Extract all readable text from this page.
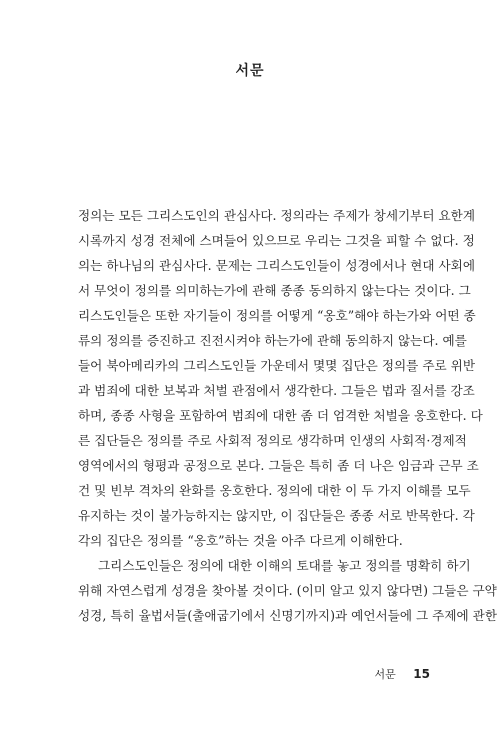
서문
정의는 모든 그리스도인의 관심사다. 정의라는 주제가 창세기부터 요한계
시록까지 성경 전체에 스며들어 있으므로 우리는 그것을 피할 수 없다. 정
의는 하나님의 관심사다. 문제는 그리스도인들이 성경에서나 현대 사회에
서 무엇이 정의를 의미하는가에 관해 종종 동의하지 않는다는 것이다. 그
리스도인들은 또한 자기들이 정의를 어떻게 “옹호”해야 하는가와 어떤 종
류의 정의를 증진하고 진전시켜야 하는가에 관해 동의하지 않는다. 예를
들어 북아메리카의 그리스도인들 가운데서 몇몇 집단은 정의를 주로 위반
과 범죄에 대한 보복과 처벌 관점에서 생각한다. 그들은 법과 질서를 강조
하며, 종종 사형을 포함하여 범죄에 대한 좀 더 엄격한 처벌을 옹호한다. 다
른 집단들은 정의를 주로 사회적 정의로 생각하며 인생의 사회적·경제적
영역에서의 형평과 공정으로 본다. 그들은 특히 좀 더 나은 임금과 근무 조
건 및 빈부 격차의 완화를 옹호한다. 정의에 대한 이 두 가지 이해를 모두
유지하는 것이 불가능하지는 않지만, 이 집단들은 종종 서로 반목한다. 각
각의 집단은 정의를 “옹호”하는 것을 아주 다르게 이해한다.
그리스도인들은 정의에 대한 이해의 토대를 놓고 정의를 명확히 하기
위해 자연스럽게 성경을 찾아볼 것이다. (이미 알고 있지 않다면) 그들은 구약
성경, 특히 율법서들(출애굽기에서 신명기까지)과 예언서들에 그 주제에 관한
서문 15
